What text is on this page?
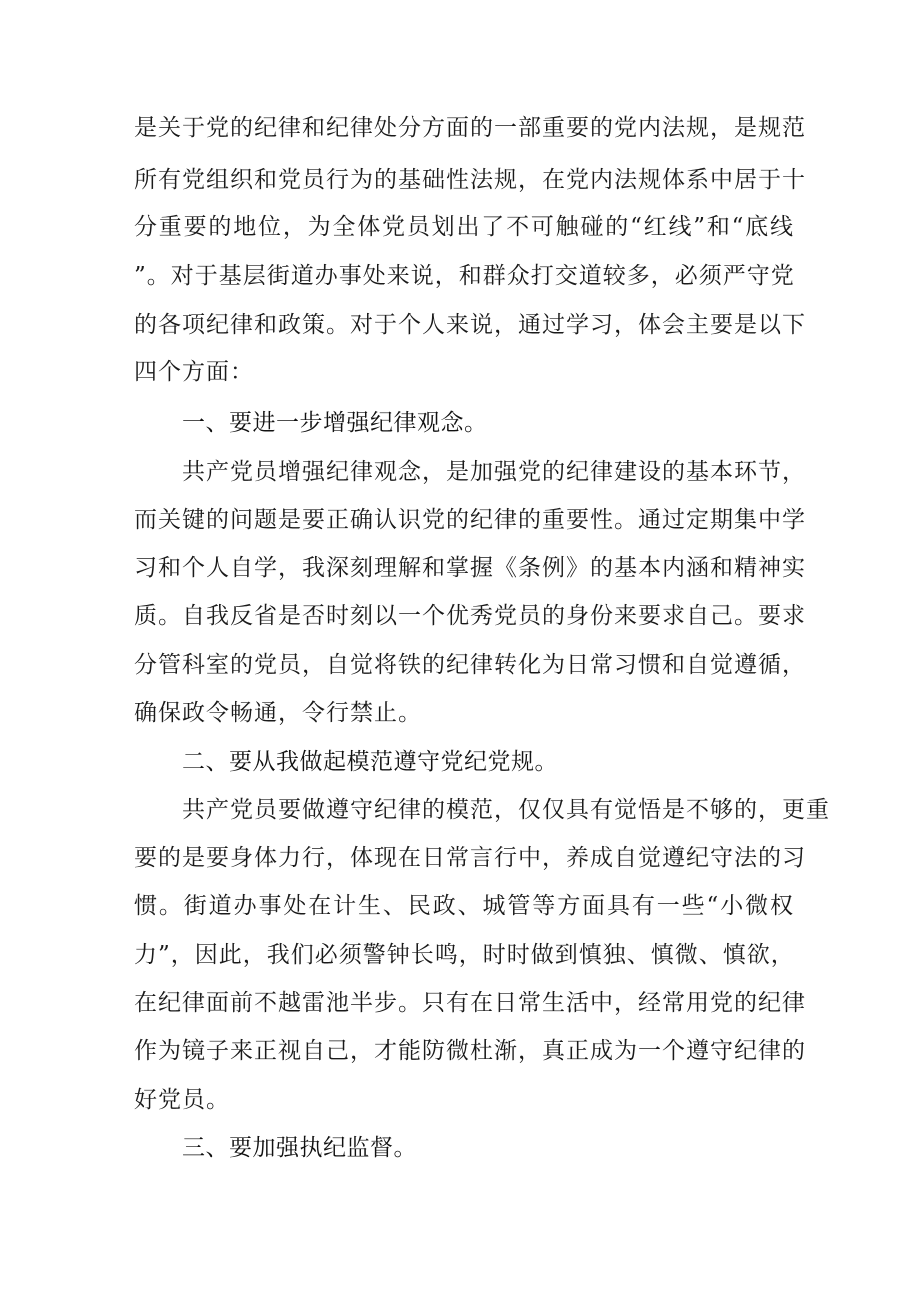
是关于党的纪律和纪律处分方面的一部重要的党内法规，是规范
所有党组织和党员行为的基础性法规，在党内法规体系中居于十
分重要的地位，为全体党员划出了不可触碰的“红线”和“底线
”。对于基层街道办事处来说，和群众打交道较多，必须严守党
的各项纪律和政策。对于个人来说，通过学习，体会主要是以下
四个方面：
一、要进一步增强纪律观念。
共产党员增强纪律观念，是加强党的纪律建设的基本环节，
而关键的问题是要正确认识党的纪律的重要性。通过定期集中学
习和个人自学，我深刻理解和掌握《条例》的基本内涵和精神实
质。自我反省是否时刻以一个优秀党员的身份来要求自己。要求
分管科室的党员，自觉将铁的纪律转化为日常习惯和自觉遵循，
确保政令畅通，令行禁止。
二、要从我做起模范遵守党纪党规。
共产党员要做遵守纪律的模范，仅仅具有觉悟是不够的，更重
要的是要身体力行，体现在日常言行中，养成自觉遵纪守法的习
惯。街道办事处在计生、民政、城管等方面具有一些“小微权
力”，因此，我们必须警钟长鸣，时时做到慎独、慎微、慎欲，
在纪律面前不越雷池半步。只有在日常生活中，经常用党的纪律
作为镜子来正视自己，才能防微杜渐，真正成为一个遵守纪律的
好党员。
三、要加强执纪监督。
